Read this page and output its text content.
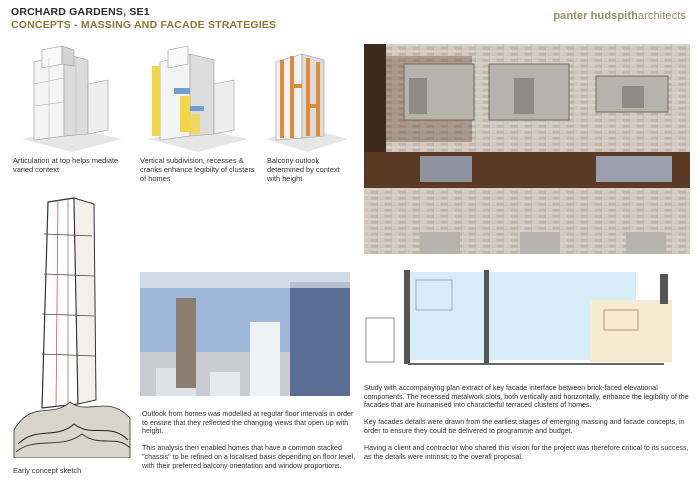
ORCHARD GARDENS, SE1
CONCEPTS - MASSING AND FACADE STRATEGIES
panter hudspitharchitects
Articulation at top helps mediate varied context
Vertical subdivision, recesses & cranks enhance legibilty of clusters of homes
Balcony outlook determined by context with height
Early concept sketch

Outlook from homes was modelled at regular floor intervals in order to ensure that they reflected the changing views that open up with height.

This analysis then enabled homes that have a common stacked "chassis" to be refined on a localised basis depending on floor level, with their preferred balcony orientation and window proportions.

Study with accompanying plan extract of key facade interface between brick-faced elevational components. The recessed metalwork slots, both vertically and horizontally, enhance the legibility of the facades that are humanised into characterful terraced clusters of homes.

Key facades details were drawn from the earliest stages of emerging massing and facade concepts, in order to ensure they could be delivered to programme and budget.

Having a client and contractor who shared this vision for the project was therefore critical to its success, as the details were intrinsic to the overall proposal.
